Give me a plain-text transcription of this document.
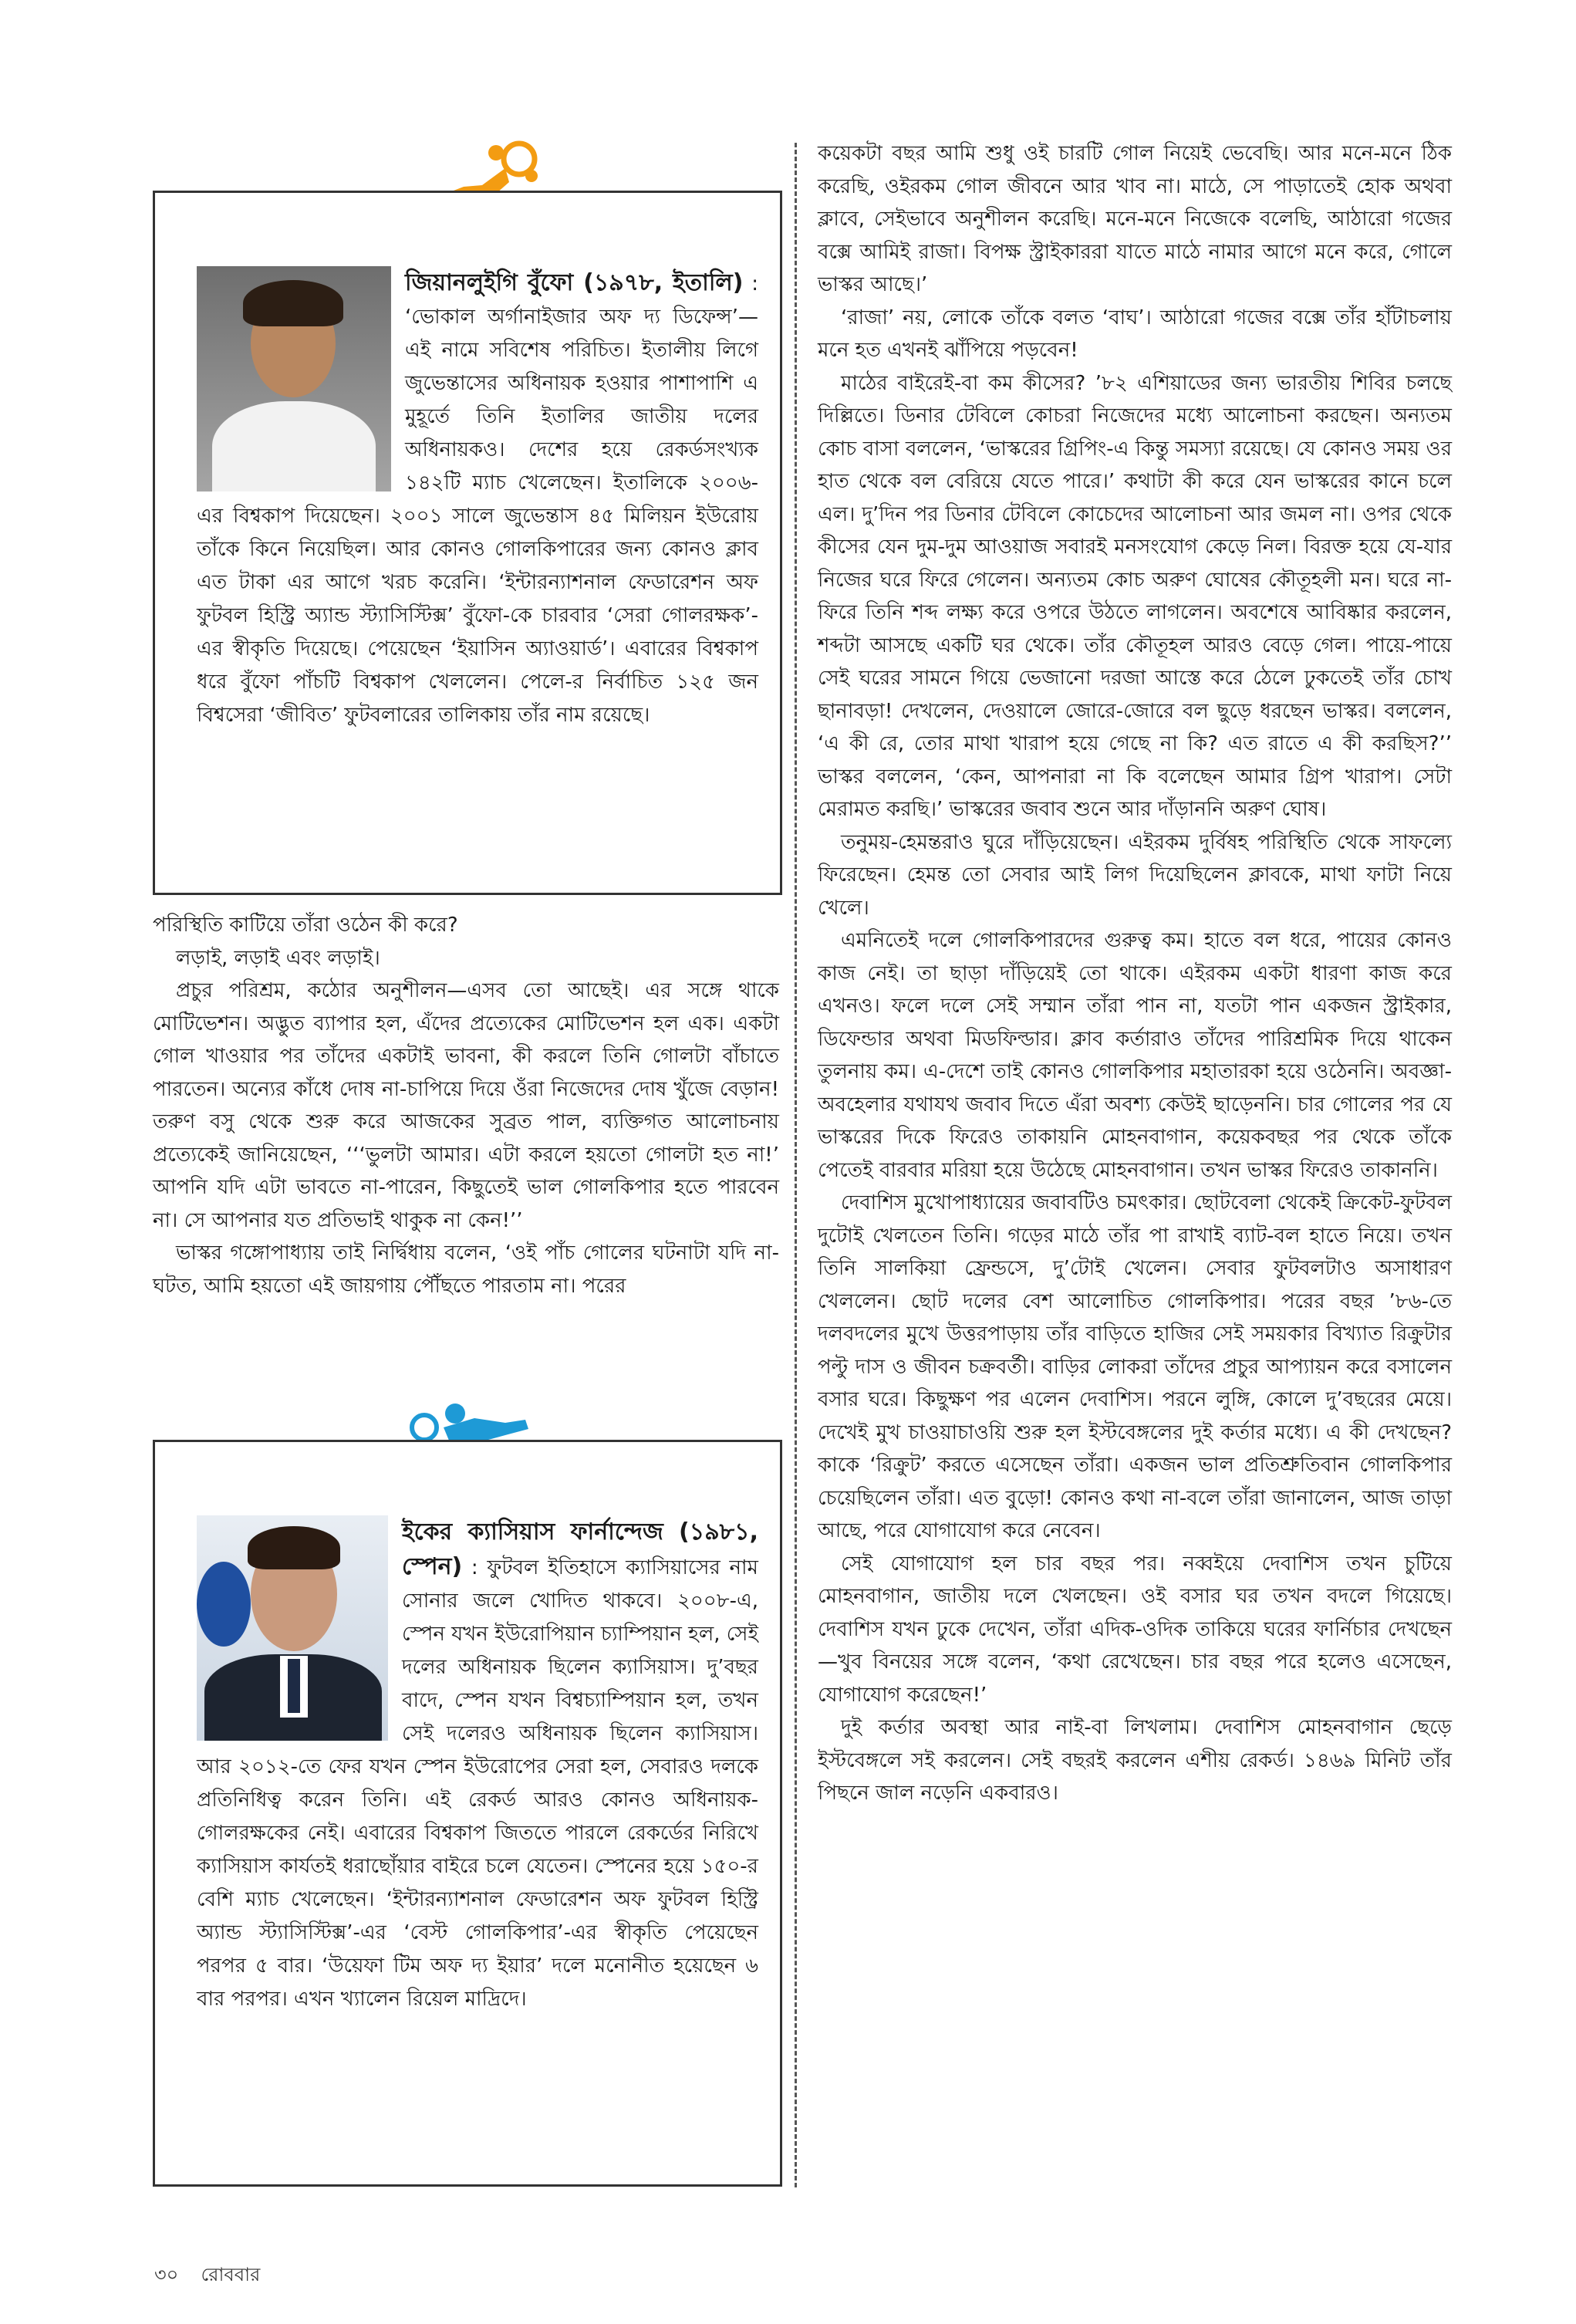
জিয়ানলুইগি বুঁফো (১৯৭৮, ইতালি) : ‘ভোকাল অর্গানাইজার অফ দ্য ডিফেন্স’—এই নামে সবিশেষ পরিচিত। ইতালীয় লিগে জুভেন্তাসের অধিনায়ক হওয়ার পাশাপাশি এ মুহূর্তে তিনি ইতালির জাতীয় দলের অধিনায়কও। দেশের হয়ে রেকর্ডসংখ্যক ১৪২টি ম্যাচ খেলেছেন। ইতালিকে ২০০৬-এর বিশ্বকাপ দিয়েছেন। ২০০১ সালে জুভেন্তাস ৪৫ মিলিয়ন ইউরোয় তাঁকে কিনে নিয়েছিল। আর কোনও গোলকিপারের জন্য কোনও ক্লাব এত টাকা এর আগে খরচ করেনি। ‘ইন্টারন্যাশনাল ফেডারেশন অফ ফুটবল হিস্ট্রি অ্যান্ড স্ট্যাসিস্টিক্স’ বুঁফো-কে চারবার ‘সেরা গোলরক্ষক’-এর স্বীকৃতি দিয়েছে। পেয়েছেন ‘ইয়াসিন অ্যাওয়ার্ড’। এবারের বিশ্বকাপ ধরে বুঁফো পাঁচটি বিশ্বকাপ খেললেন। পেলে-র নির্বাচিত ১২৫ জন বিশ্বসেরা ‘জীবিত’ ফুটবলারের তালিকায় তাঁর নাম রয়েছে।
ইকের ক্যাসিয়াস ফার্নান্দেজ (১৯৮১, স্পেন) : ফুটবল ইতিহাসে ক্যাসিয়াসের নাম সোনার জলে খোদিত থাকবে। ২০০৮-এ, স্পেন যখন ইউরোপিয়ান চ্যাম্পিয়ান হল, সেই দলের অধিনায়ক ছিলেন ক্যাসিয়াস। দু’বছর বাদে, স্পেন যখন বিশ্বচ্যাম্পিয়ান হল, তখন সেই দলেরও অধিনায়ক ছিলেন ক্যাসিয়াস। আর ২০১২-তে ফের যখন স্পেন ইউরোপের সেরা হল, সেবারও দলকে প্রতিনিধিত্ব করেন তিনি। এই রেকর্ড আরও কোনও অধিনায়ক-গোলরক্ষকের নেই। এবারের বিশ্বকাপ জিততে পারলে রেকর্ডের নিরিখে ক্যাসিয়াস কার্যতই ধরাছোঁয়ার বাইরে চলে যেতেন। স্পেনের হয়ে ১৫০-র বেশি ম্যাচ খেলেছেন। ‘ইন্টারন্যাশনাল ফেডারেশন অফ ফুটবল হিস্ট্রি অ্যান্ড স্ট্যাসিস্টিক্স’-এর ‘বেস্ট গোলকিপার’-এর স্বীকৃতি পেয়েছেন পরপর ৫ বার। ‘উয়েফা টিম অফ দ্য ইয়ার’ দলে মনোনীত হয়েছেন ৬ বার পরপর। এখন খ্যালেন রিয়েল মাদ্রিদে।

পরিস্থিতি কাটিয়ে তাঁরা ওঠেন কী করে?

লড়াই, লড়াই এবং লড়াই।

প্রচুর পরিশ্রম, কঠোর অনুশীলন—এসব তো আছেই। এর সঙ্গে থাকে মোটিভেশন। অদ্ভুত ব্যাপার হল, এঁদের প্রত্যেকের মোটিভেশন হল এক। একটা গোল খাওয়ার পর তাঁদের একটাই ভাবনা, কী করলে তিনি গোলটা বাঁচাতে পারতেন। অন্যের কাঁধে দোষ না-চাপিয়ে দিয়ে ওঁরা নিজেদের দোষ খুঁজে বেড়ান! তরুণ বসু থেকে শুরু করে আজকের সুব্রত পাল, ব্যক্তিগত আলোচনায় প্রত্যেকেই জানিয়েছেন, ‘‘‘ভুলটা আমার। এটা করলে হয়তো গোলটা হত না!’ আপনি যদি এটা ভাবতে না-পারেন, কিছুতেই ভাল গোলকিপার হতে পারবেন না। সে আপনার যত প্রতিভাই থাকুক না কেন!’’

ভাস্কর গঙ্গোপাধ্যায় তাই নির্দ্বিধায় বলেন, ‘ওই পাঁচ গোলের ঘটনাটা যদি না-ঘটত, আমি হয়তো এই জায়গায় পৌঁছতে পারতাম না। পরের

কয়েকটা বছর আমি শুধু ওই চারটি গোল নিয়েই ভেবেছি। আর মনে-মনে ঠিক করেছি, ওইরকম গোল জীবনে আর খাব না। মাঠে, সে পাড়াতেই হোক অথবা ক্লাবে, সেইভাবে অনুশীলন করেছি। মনে-মনে নিজেকে বলেছি, আঠারো গজের বক্সে আমিই রাজা। বিপক্ষ স্ট্রাইকাররা যাতে মাঠে নামার আগে মনে করে, গোলে ভাস্কর আছে।’

‘রাজা’ নয়, লোকে তাঁকে বলত ‘বাঘ’। আঠারো গজের বক্সে তাঁর হাঁটাচলায় মনে হত এখনই ঝাঁপিয়ে পড়বেন!

মাঠের বাইরেই-বা কম কীসের? ’৮২ এশিয়াডের জন্য ভারতীয় শিবির চলছে দিল্লিতে। ডিনার টেবিলে কোচরা নিজেদের মধ্যে আলোচনা করছেন। অন্যতম কোচ বাসা বললেন, ‘ভাস্করের গ্রিপিং-এ কিন্তু সমস্যা রয়েছে। যে কোনও সময় ওর হাত থেকে বল বেরিয়ে যেতে পারে।’ কথাটা কী করে যেন ভাস্করের কানে চলে এল। দু’দিন পর ডিনার টেবিলে কোচেদের আলোচনা আর জমল না। ওপর থেকে কীসের যেন দুম-দুম আওয়াজ সবারই মনসংযোগ কেড়ে নিল। বিরক্ত হয়ে যে-যার নিজের ঘরে ফিরে গেলেন। অন্যতম কোচ অরুণ ঘোষের কৌতূহলী মন। ঘরে না-ফিরে তিনি শব্দ লক্ষ্য করে ওপরে উঠতে লাগলেন। অবশেষে আবিষ্কার করলেন, শব্দটা আসছে একটি ঘর থেকে। তাঁর কৌতূহল আরও বেড়ে গেল। পায়ে-পায়ে সেই ঘরের সামনে গিয়ে ভেজানো দরজা আস্তে করে ঠেলে ঢুকতেই তাঁর চোখ ছানাবড়া! দেখলেন, দেওয়ালে জোরে-জোরে বল ছুড়ে ধরছেন ভাস্কর। বললেন, ‘এ কী রে, তোর মাথা খারাপ হয়ে গেছে না কি? এত রাতে এ কী করছিস?’’ ভাস্কর বললেন, ‘কেন, আপনারা না কি বলেছেন আমার গ্রিপ খারাপ। সেটা মেরামত করছি।’ ভাস্করের জবাব শুনে আর দাঁড়াননি অরুণ ঘোষ।

তনুময়-হেমন্তরাও ঘুরে দাঁড়িয়েছেন। এইরকম দুর্বিষহ পরিস্থিতি থেকে সাফল্যে ফিরেছেন। হেমন্ত তো সেবার আই লিগ দিয়েছিলেন ক্লাবকে, মাথা ফাটা নিয়ে খেলে।

এমনিতেই দলে গোলকিপারদের গুরুত্ব কম। হাতে বল ধরে, পায়ের কোনও কাজ নেই। তা ছাড়া দাঁড়িয়েই তো থাকে। এইরকম একটা ধারণা কাজ করে এখনও। ফলে দলে সেই সম্মান তাঁরা পান না, যতটা পান একজন স্ট্রাইকার, ডিফেন্ডার অথবা মিডফিল্ডার। ক্লাব কর্তারাও তাঁদের পারিশ্রমিক দিয়ে থাকেন তুলনায় কম। এ-দেশে তাই কোনও গোলকিপার মহাতারকা হয়ে ওঠেননি। অবজ্ঞা-অবহেলার যথাযথ জবাব দিতে এঁরা অবশ্য কেউই ছাড়েননি। চার গোলের পর যে ভাস্করের দিকে ফিরেও তাকায়নি মোহনবাগান, কয়েকবছর পর থেকে তাঁকে পেতেই বারবার মরিয়া হয়ে উঠেছে মোহনবাগান। তখন ভাস্কর ফিরেও তাকাননি।

দেবাশিস মুখোপাধ্যায়ের জবাবটিও চমৎকার। ছোটবেলা থেকেই ক্রিকেট-ফুটবল দুটোই খেলতেন তিনি। গড়ের মাঠে তাঁর পা রাখাই ব্যাট-বল হাতে নিয়ে। তখন তিনি সালকিয়া ফ্রেন্ডসে, দু’টোই খেলেন। সেবার ফুটবলটাও অসাধারণ খেললেন। ছোট দলের বেশ আলোচিত গোলকিপার। পরের বছর ’৮৬-তে দলবদলের মুখে উত্তরপাড়ায় তাঁর বাড়িতে হাজির সেই সময়কার বিখ্যাত রিক্রুটার পল্টু দাস ও জীবন চক্রবর্তী। বাড়ির লোকরা তাঁদের প্রচুর আপ্যায়ন করে বসালেন বসার ঘরে। কিছুক্ষণ পর এলেন দেবাশিস। পরনে লুঙ্গি, কোলে দু’বছরের মেয়ে। দেখেই মুখ চাওয়াচাওয়ি শুরু হল ইস্টবেঙ্গলের দুই কর্তার মধ্যে। এ কী দেখছেন? কাকে ‘রিক্রুট’ করতে এসেছেন তাঁরা। একজন ভাল প্রতিশ্রুতিবান গোলকিপার চেয়েছিলেন তাঁরা। এত বুড়ো! কোনও কথা না-বলে তাঁরা জানালেন, আজ তাড়া আছে, পরে যোগাযোগ করে নেবেন।

সেই যোগাযোগ হল চার বছর পর। নব্বইয়ে দেবাশিস তখন চুটিয়ে মোহনবাগান, জাতীয় দলে খেলছেন। ওই বসার ঘর তখন বদলে গিয়েছে। দেবাশিস যখন ঢুকে দেখেন, তাঁরা এদিক-ওদিক তাকিয়ে ঘরের ফার্নিচার দেখছেন—খুব বিনয়ের সঙ্গে বলেন, ‘কথা রেখেছেন। চার বছর পরে হলেও এসেছেন, যোগাযোগ করেছেন!’

দুই কর্তার অবস্থা আর নাই-বা লিখলাম। দেবাশিস মোহনবাগান ছেড়ে ইস্টবেঙ্গলে সই করলেন। সেই বছরই করলেন এশীয় রেকর্ড। ১৪৬৯ মিনিট তাঁর পিছনে জাল নড়েনি একবারও।

৩০ রোববার
